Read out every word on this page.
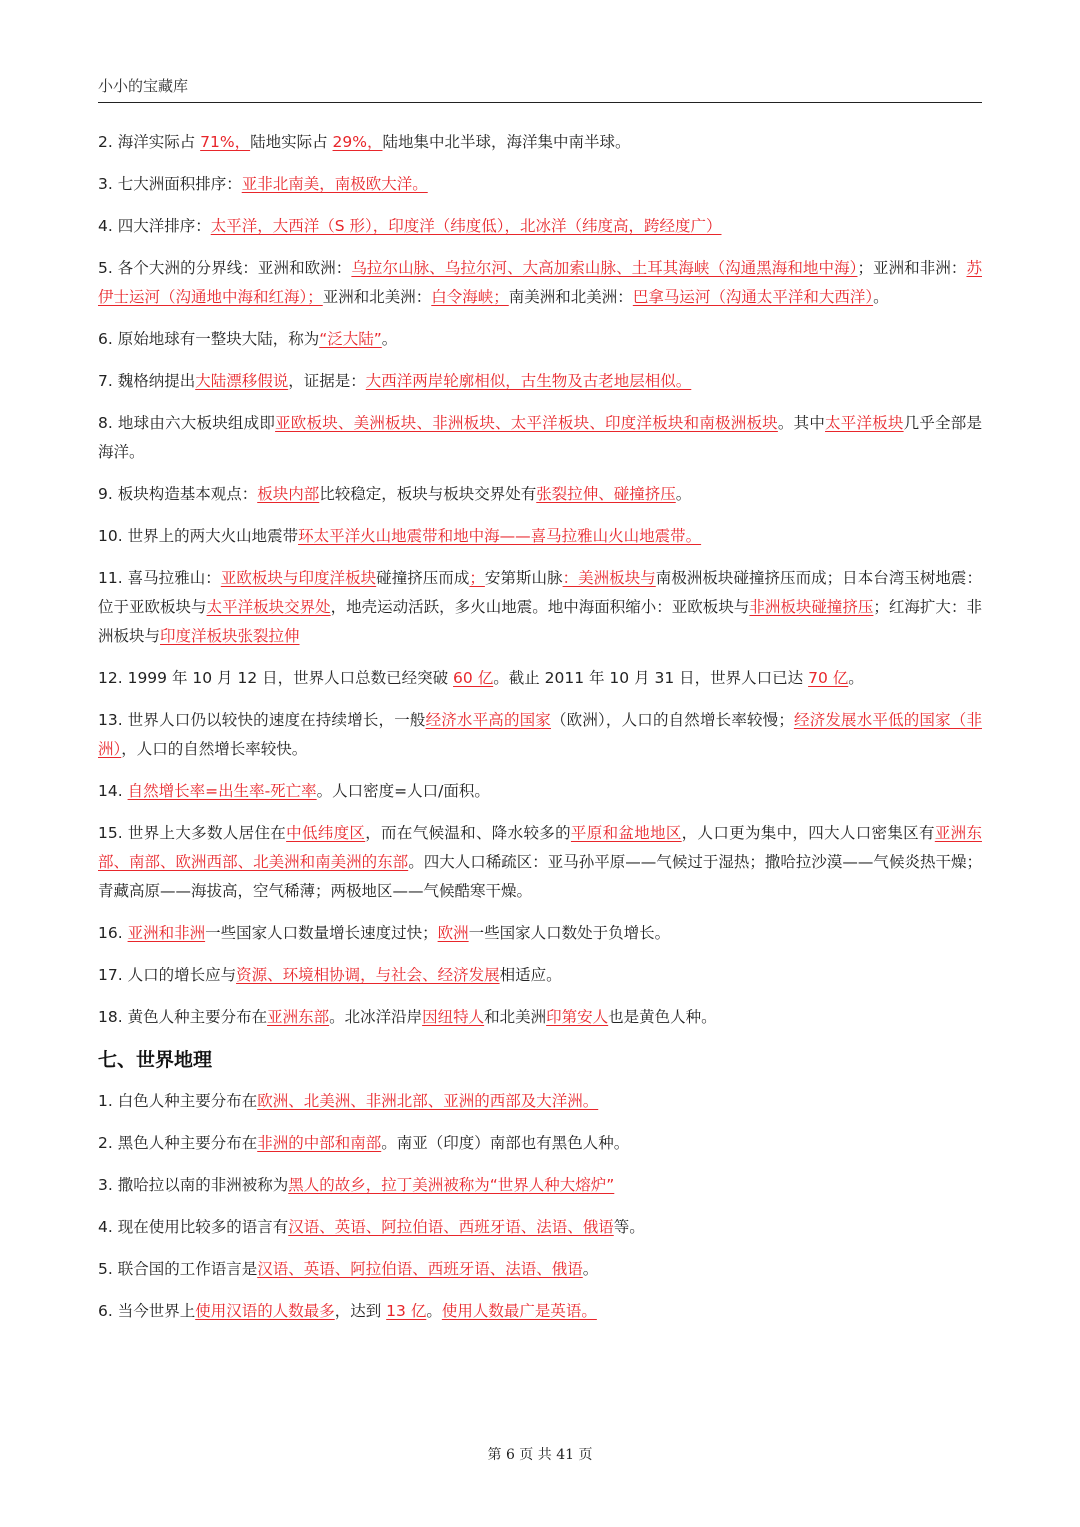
小小的宝藏库

2. 海洋实际占 71%，陆地实际占 29%，陆地集中北半球，海洋集中南半球。

3. 七大洲面积排序：亚非北南美，南极欧大洋。

4. 四大洋排序：太平洋，大西洋（S 形），印度洋（纬度低），北冰洋（纬度高，跨经度广）

5. 各个大洲的分界线：亚洲和欧洲：乌拉尔山脉、乌拉尔河、大高加索山脉、土耳其海峡（沟通黑海和地中海）；亚洲和非洲：苏伊士运河（沟通地中海和红海）；亚洲和北美洲：白令海峡；南美洲和北美洲：巴拿马运河（沟通太平洋和大西洋）。

6. 原始地球有一整块大陆，称为“泛大陆”。

7. 魏格纳提出大陆漂移假说，证据是：大西洋两岸轮廓相似，古生物及古老地层相似。

8. 地球由六大板块组成即亚欧板块、美洲板块、非洲板块、太平洋板块、印度洋板块和南极洲板块。其中太平洋板块几乎全部是海洋。

9. 板块构造基本观点：板块内部比较稳定，板块与板块交界处有张裂拉伸、碰撞挤压。

10. 世界上的两大火山地震带环太平洋火山地震带和地中海——喜马拉雅山火山地震带。

11. 喜马拉雅山：亚欧板块与印度洋板块碰撞挤压而成；安第斯山脉：美洲板块与南极洲板块碰撞挤压而成；日本台湾玉树地震：位于亚欧板块与太平洋板块交界处，地壳运动活跃，多火山地震。地中海面积缩小：亚欧板块与非洲板块碰撞挤压；红海扩大：非洲板块与印度洋板块张裂拉伸

12. 1999 年 10 月 12 日，世界人口总数已经突破 60 亿。截止 2011 年 10 月 31 日，世界人口已达 70 亿。

13. 世界人口仍以较快的速度在持续增长，一般经济水平高的国家（欧洲），人口的自然增长率较慢；经济发展水平低的国家（非洲），人口的自然增长率较快。

14. 自然增长率=出生率-死亡率。人口密度=人口/面积。

15. 世界上大多数人居住在中低纬度区，而在气候温和、降水较多的平原和盆地地区，人口更为集中，四大人口密集区有亚洲东部、南部、欧洲西部、北美洲和南美洲的东部。四大人口稀疏区：亚马孙平原——气候过于湿热；撒哈拉沙漠——气候炎热干燥；青藏高原——海拔高，空气稀薄；两极地区——气候酷寒干燥。

16. 亚洲和非洲一些国家人口数量增长速度过快；欧洲一些国家人口数处于负增长。

17. 人口的增长应与资源、环境相协调，与社会、经济发展相适应。

18. 黄色人种主要分布在亚洲东部。北冰洋沿岸因纽特人和北美洲印第安人也是黄色人种。

七、世界地理

1. 白色人种主要分布在欧洲、北美洲、非洲北部、亚洲的西部及大洋洲。

2. 黑色人种主要分布在非洲的中部和南部。南亚（印度）南部也有黑色人种。

3. 撒哈拉以南的非洲被称为黑人的故乡，拉丁美洲被称为“世界人种大熔炉”

4. 现在使用比较多的语言有汉语、英语、阿拉伯语、西班牙语、法语、俄语等。

5. 联合国的工作语言是汉语、英语、阿拉伯语、西班牙语、法语、俄语。

6. 当今世界上使用汉语的人数最多，达到 13 亿。使用人数最广是英语。

第 6 页 共 41 页
